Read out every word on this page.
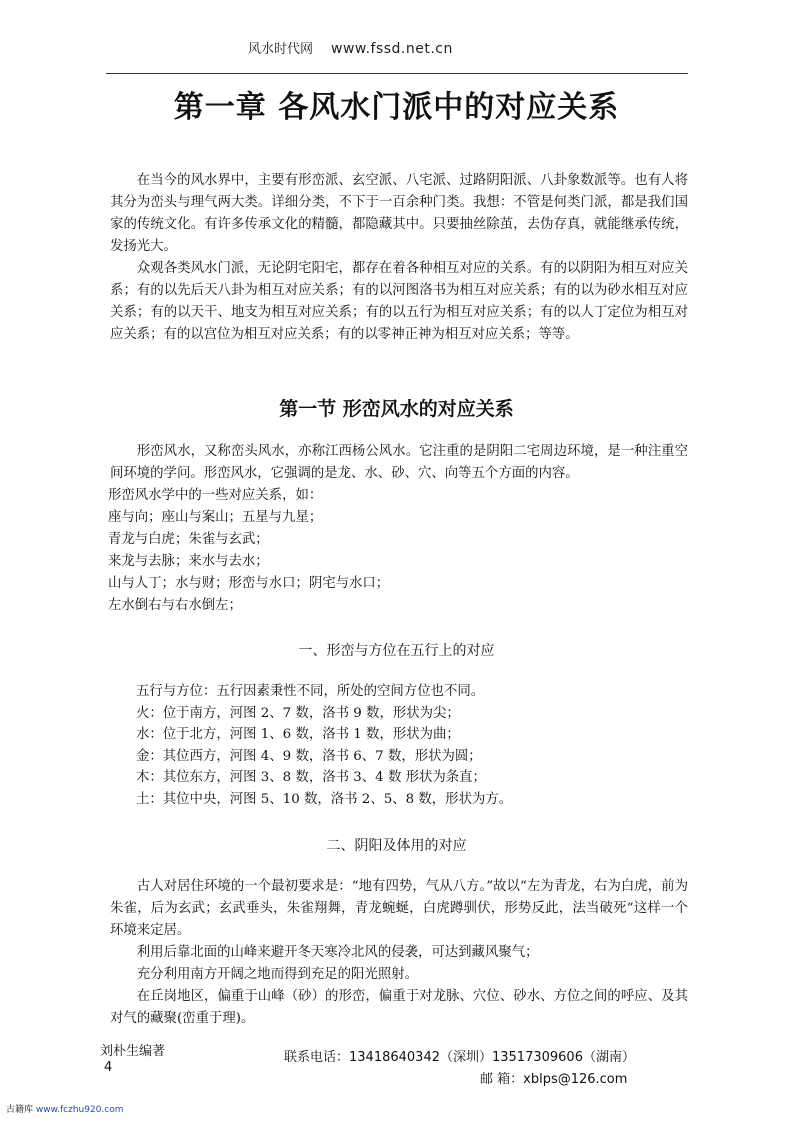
风水时代网 www.fssd.net.cn
第一章 各风水门派中的对应关系

在当今的风水界中，主要有形峦派、玄空派、八宅派、过路阴阳派、八卦象数派等。也有人将其分为峦头与理气两大类。详细分类，不下于一百余种门类。我想：不管是何类门派，都是我们国家的传统文化。有许多传承文化的精髓，都隐藏其中。只要抽丝除茧，去伪存真，就能继承传统，发扬光大。

众观各类风水门派，无论阴宅阳宅，都存在着各种相互对应的关系。有的以阴阳为相互对应关系；有的以先后天八卦为相互对应关系；有的以河图洛书为相互对应关系；有的以为砂水相互对应关系；有的以天干、地支为相互对应关系；有的以五行为相互对应关系；有的以人丁定位为相互对应关系；有的以宫位为相互对应关系；有的以零神正神为相互对应关系；等等。

第一节 形峦风水的对应关系

形峦风水，又称峦头风水，亦称江西杨公风水。它注重的是阴阳二宅周边环境，是一种注重空间环境的学问。形峦风水，它强调的是龙、水、砂、穴、向等五个方面的内容。

形峦风水学中的一些对应关系，如：
座与向；座山与案山；五星与九星；
青龙与白虎；朱雀与玄武；
来龙与去脉；来水与去水；
山与人丁；水与财；形峦与水口；阴宅与水口；
左水倒右与右水倒左；
一、形峦与方位在五行上的对应
五行与方位：五行因素秉性不同，所处的空间方位也不同。
火：位于南方，河图 2、7 数，洛书 9 数，形状为尖；
水：位于北方，河图 1、6 数，洛书 1 数，形状为曲；
金：其位西方，河图 4、9 数，洛书 6、7 数，形状为圆；
木：其位东方，河图 3、8 数，洛书 3、4 数 形状为条直；
土：其位中央，河图 5、10 数，洛书 2、5、8 数，形状为方。
二、阴阳及体用的对应

古人对居住环境的一个最初要求是：“地有四势，气从八方。”故以“左为青龙，右为白虎，前为朱雀，后为玄武；玄武垂头，朱雀翔舞，青龙蜿蜒，白虎蹲驯伏，形势反此，法当破死”这样一个环境来定居。

利用后靠北面的山峰来避开冬天寒冷北风的侵袭，可达到藏风聚气；

充分利用南方开阔之地而得到充足的阳光照射。

在丘岗地区，偏重于山峰（砂）的形峦，偏重于对龙脉、穴位、砂水、方位之间的呼应、及其对气的藏聚(峦重于理)。

刘朴生编著
4
联系电话：13418640342（深圳）13517309606（湖南）
邮 箱：xblps@126.com
古籍库 www.fczhu920.com
